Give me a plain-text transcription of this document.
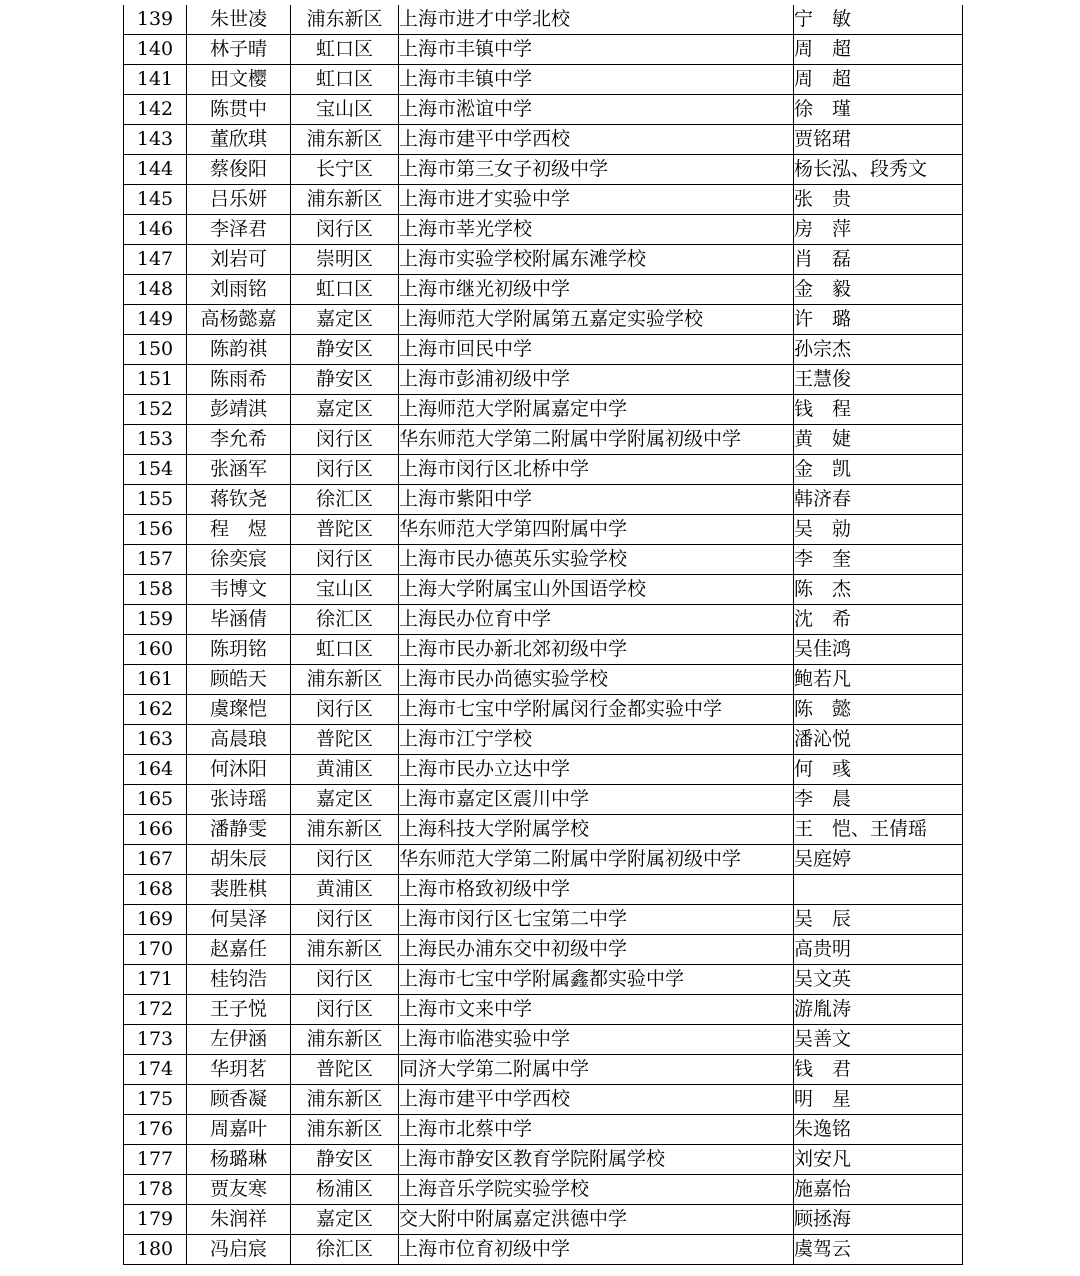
139	朱世凌	浦东新区	上海市进才中学北校	宁　敏
140	林子晴	虹口区	上海市丰镇中学	周　超
141	田文樱	虹口区	上海市丰镇中学	周　超
142	陈贯中	宝山区	上海市淞谊中学	徐　瑾
143	董欣琪	浦东新区	上海市建平中学西校	贾铭珺
144	蔡俊阳	长宁区	上海市第三女子初级中学	杨长泓、段秀文
145	吕乐妍	浦东新区	上海市进才实验中学	张　贵
146	李泽君	闵行区	上海市莘光学校	房　萍
147	刘岩可	崇明区	上海市实验学校附属东滩学校	肖　磊
148	刘雨铭	虹口区	上海市继光初级中学	金　毅
149	高杨懿嘉	嘉定区	上海师范大学附属第五嘉定实验学校	许　璐
150	陈韵祺	静安区	上海市回民中学	孙宗杰
151	陈雨希	静安区	上海市彭浦初级中学	王慧俊
152	彭靖淇	嘉定区	上海师范大学附属嘉定中学	钱　程
153	李允希	闵行区	华东师范大学第二附属中学附属初级中学	黄　婕
154	张涵军	闵行区	上海市闵行区北桥中学	金　凯
155	蒋钦尧	徐汇区	上海市紫阳中学	韩济春
156	程　煜	普陀区	华东师范大学第四附属中学	吴　勍
157	徐奕宸	闵行区	上海市民办德英乐实验学校	李　奎
158	韦博文	宝山区	上海大学附属宝山外国语学校	陈　杰
159	毕涵倩	徐汇区	上海民办位育中学	沈　希
160	陈玥铭	虹口区	上海市民办新北郊初级中学	吴佳鸿
161	顾皓天	浦东新区	上海市民办尚德实验学校	鲍若凡
162	虞璨恺	闵行区	上海市七宝中学附属闵行金都实验中学	陈　懿
163	高晨琅	普陀区	上海市江宁学校	潘沁悦
164	何沐阳	黄浦区	上海市民办立达中学	何　彧
165	张诗瑶	嘉定区	上海市嘉定区震川中学	李　晨
166	潘静雯	浦东新区	上海科技大学附属学校	王　恺、王倩瑶
167	胡朱辰	闵行区	华东师范大学第二附属中学附属初级中学	吴庭婷
168	裴胜棋	黄浦区	上海市格致初级中学	
169	何昊泽	闵行区	上海市闵行区七宝第二中学	吴　辰
170	赵嘉任	浦东新区	上海民办浦东交中初级中学	高贵明
171	桂钧浩	闵行区	上海市七宝中学附属鑫都实验中学	吴文英
172	王子悦	闵行区	上海市文来中学	游胤涛
173	左伊涵	浦东新区	上海市临港实验中学	吴善文
174	华玥茗	普陀区	同济大学第二附属中学	钱　君
175	顾香凝	浦东新区	上海市建平中学西校	明　星
176	周嘉叶	浦东新区	上海市北蔡中学	朱逸铭
177	杨璐琳	静安区	上海市静安区教育学院附属学校	刘安凡
178	贾友寒	杨浦区	上海音乐学院实验学校	施嘉怡
179	朱润祥	嘉定区	交大附中附属嘉定洪德中学	顾拯海
180	冯启宸	徐汇区	上海市位育初级中学	虞驾云
